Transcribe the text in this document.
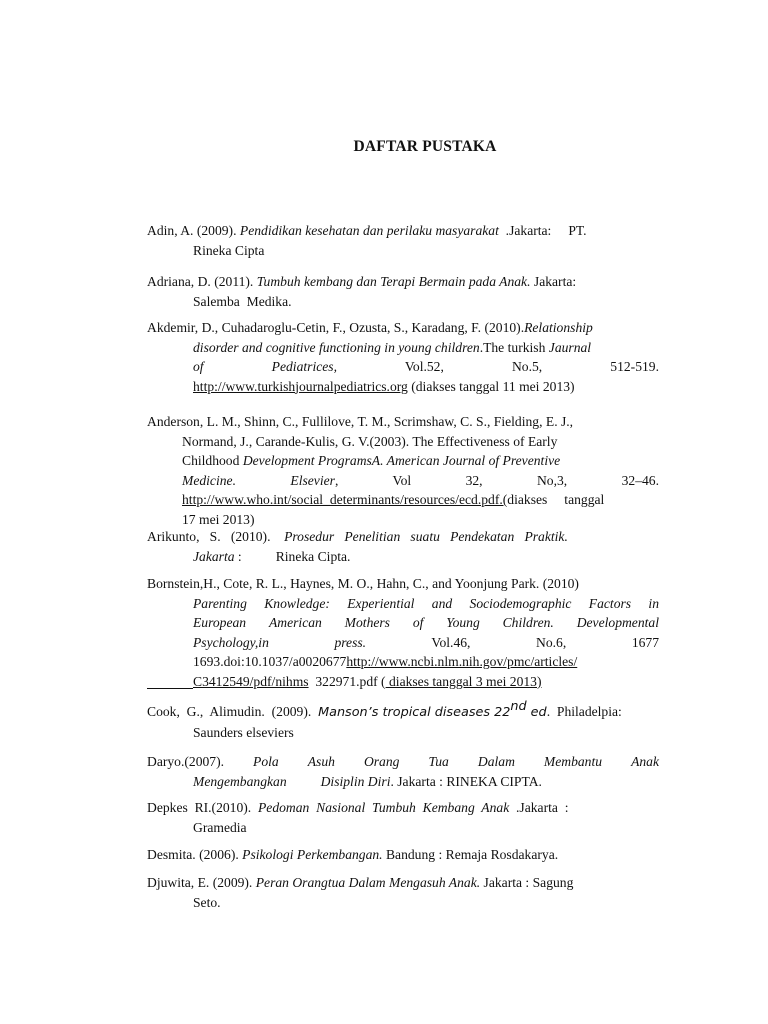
DAFTAR PUSTAKA
Adin, A. (2009). Pendidikan kesehatan dan perilaku masyarakat  .Jakarta:     PT.
Rineka Cipta
Adriana, D. (2011). Tumbuh kembang dan Terapi Bermain pada Anak. Jakarta:
Salemba  Medika.
Akdemir, D., Cuhadaroglu-Cetin, F., Ozusta, S., Karadang, F. (2010).Relationship
disorder and cognitive functioning in young children.The turkish Jaurnal
of	Pediatrices,	Vol.52,	No.5,	512-519.
http://www.turkishjournalpediatrics.org (diakses tanggal 11 mei 2013)
Anderson, L. M., Shinn, C., Fullilove, T. M., Scrimshaw, C. S., Fielding, E. J.,
Normand, J., Carande-Kulis, G. V.(2003). The Effectiveness of Early
Childhood Development ProgramsA. American Journal of Preventive
Medicine.	Elsevier,	Vol	32,	No,3,	32–46.
http://www.who.int/social_determinants/resources/ecd.pdf.(diakses     tanggal
17 mei 2013)
Arikunto,   S.   (2010).    Prosedur   Penelitian   suatu   Pendekatan   Praktik.
Jakarta :          Rineka Cipta.
Bornstein,H., Cote, R. L., Haynes, M. O., Hahn, C., and Yoonjung Park. (2010)
Parenting Knowledge: Experiential and Sociodemographic Factors in
European American Mothers of Young Children. Developmental
Psychology,in press.	Vol.46,	No.6,	1677
1693.doi:10.1037/a0020677http://www.ncbi.nlm.nih.gov/pmc/articles/
C3412549/pdf/nihms  322971.pdf ( diakses tanggal 3 mei 2013)
Cook,  G.,  Alimudin.  (2009).  Manson’s tropical diseases 22nd ed.  Philadelpia:
Saunders elseviers
Daryo.(2007). Pola Asuh Orang Tua Dalam Membantu Anak
Mengembangkan          Disiplin Diri. Jakarta : RINEKA CIPTA.
Depkes  RI.(2010).  Pedoman  Nasional  Tumbuh  Kembang  Anak  .Jakarta  :
Gramedia
Desmita. (2006). Psikologi Perkembangan. Bandung : Remaja Rosdakarya.
Djuwita, E. (2009). Peran Orangtua Dalam Mengasuh Anak. Jakarta : Sagung
Seto.
